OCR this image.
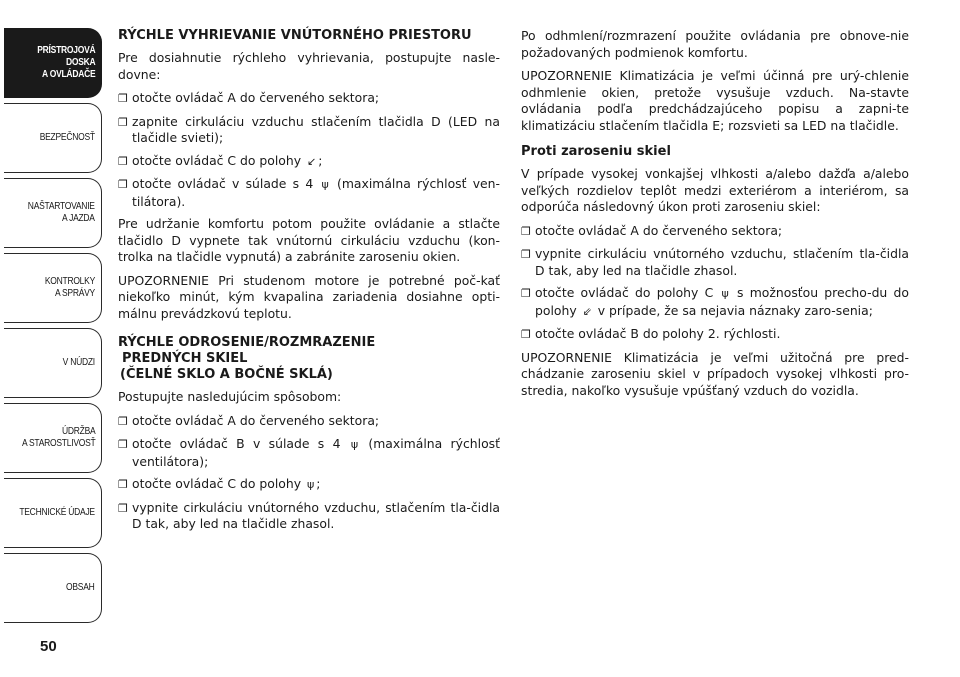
PRÍSTROJOVÁ
DOSKA
A OVLÁDAČE
BEZPEČNOSŤ
NAŠTARTOVANIE
A JAZDA
KONTROLKY
A SPRÁVY
V NÚDZI
ÚDRŽBA
A STAROSTLIVOSŤ
TECHNICKÉ ÚDAJE
OBSAH
50
RÝCHLE VYHRIEVANIE VNÚTORNÉHO PRIESTORU

Pre dosiahnutie rýchleho vyhrievania, postupujte nasle-dovne:

❐ otočte ovládač A do červeného sektora;
❐ zapnite cirkuláciu vzduchu stlačením tlačidla D (LED na tlačidle svieti);
❐ otočte ovládač C do polohy ↙ ;
❐ otočte ovládač v súlade s 4 ψ (maximálna rýchlosť ven-tilátora).

Pre udržanie komfortu potom použite ovládanie a stlačte tlačidlo D vypnete tak vnútornú cirkuláciu vzduchu (kon-trolka na tlačidle vypnutá) a zabránite zaroseniu okien.

UPOZORNENIE Pri studenom motore je potrebné poč-kať niekoľko minút, kým kvapalina zariadenia dosiahne opti-málnu prevádzkovú teplotu.

RÝCHLE ODROSENIE/ROZMRAZENIE
PREDNÝCH SKIEL
(ČELNÉ SKLO A BOČNÉ SKLÁ)

Postupujte nasledujúcim spôsobom:

❐ otočte ovládač A do červeného sektora;
❐ otočte ovládač B v súlade s 4 ψ (maximálna rýchlosť ventilátora);
❐ otočte ovládač C do polohy ψ ;
❐ vypnite cirkuláciu vnútorného vzduchu, stlačením tla-čidla D tak, aby led na tlačidle zhasol.

Po odhmlení/rozmrazení použite ovládania pre obnove-nie požadovaných podmienok komfortu.

UPOZORNENIE Klimatizácia je veľmi účinná pre urý-chlenie odhmlenie okien, pretože vysušuje vzduch. Na-stavte ovládania podľa predchádzajúceho popisu a zapni-te klimatizáciu stlačením tlačidla E; rozsvieti sa LED na tlačidle.

Proti zaroseniu skiel

V prípade vysokej vonkajšej vlhkosti a/alebo dažďa a/alebo veľkých rozdielov teplôt medzi exteriérom a interiérom, sa odporúča následovný úkon proti zaroseniu skiel:

❐ otočte ovládač A do červeného sektora;
❐ vypnite cirkuláciu vnútorného vzduchu, stlačením tla-čidla D tak, aby led na tlačidle zhasol.
❐ otočte ovládač do polohy C ψ s možnosťou precho-du do polohy ⇙ v prípade, že sa nejavia náznaky zaro-senia;
❐ otočte ovládač B do polohy 2. rýchlosti.

UPOZORNENIE Klimatizácia je veľmi užitočná pre pred-chádzanie zaroseniu skiel v prípadoch vysokej vlhkosti pro-stredia, nakoľko vysušuje vpúšťaný vzduch do vozidla.
